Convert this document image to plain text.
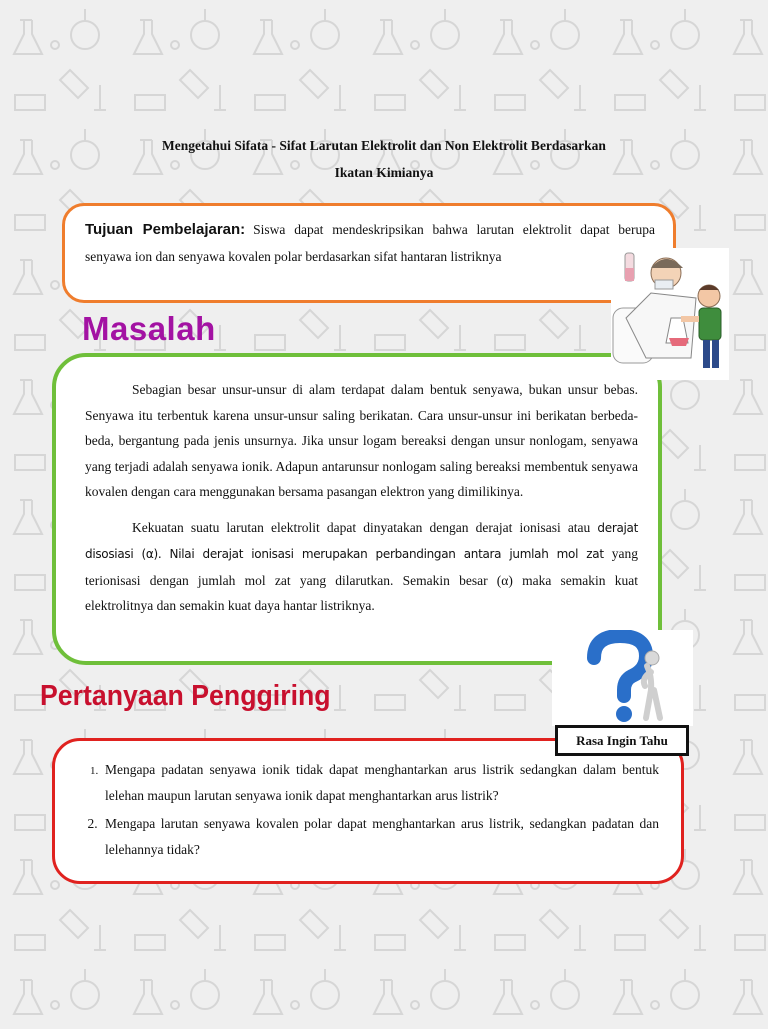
Mengetahui Sifata - Sifat Larutan Elektrolit dan Non Elektrolit Berdasarkan
Ikatan Kimianya
Tujuan Pembelajaran: Siswa dapat mendeskripsikan bahwa larutan elektrolit dapat berupa senyawa ion dan senyawa kovalen polar berdasarkan sifat hantaran listriknya
Masalah

Sebagian besar unsur-unsur di alam terdapat dalam bentuk senyawa, bukan unsur bebas. Senyawa itu terbentuk karena unsur-unsur saling berikatan. Cara unsur-unsur ini berikatan berbeda-beda, bergantung pada jenis unsurnya. Jika unsur logam bereaksi dengan unsur nonlogam, senyawa yang terjadi adalah senyawa ionik. Adapun antarunsur nonlogam saling bereaksi membentuk senyawa kovalen dengan cara menggunakan bersama pasangan elektron yang dimilikinya.

Kekuatan suatu larutan elektrolit dapat dinyatakan dengan derajat ionisasi atau derajat disosiasi (α). Nilai derajat ionisasi merupakan perbandingan antara jumlah mol zat yang terionisasi dengan jumlah mol zat yang dilarutkan. Semakin besar (α) maka semakin kuat elektrolitnya dan semakin kuat daya hantar listriknya.

Pertanyaan Penggiring
Rasa Ingin Tahu
1. Mengapa padatan senyawa ionik tidak dapat menghantarkan arus listrik sedangkan dalam bentuk lelehan maupun larutan senyawa ionik dapat menghantarkan arus listrik?
2. Mengapa larutan senyawa kovalen polar dapat menghantarkan arus listrik, sedangkan padatan dan lelehannya tidak?
